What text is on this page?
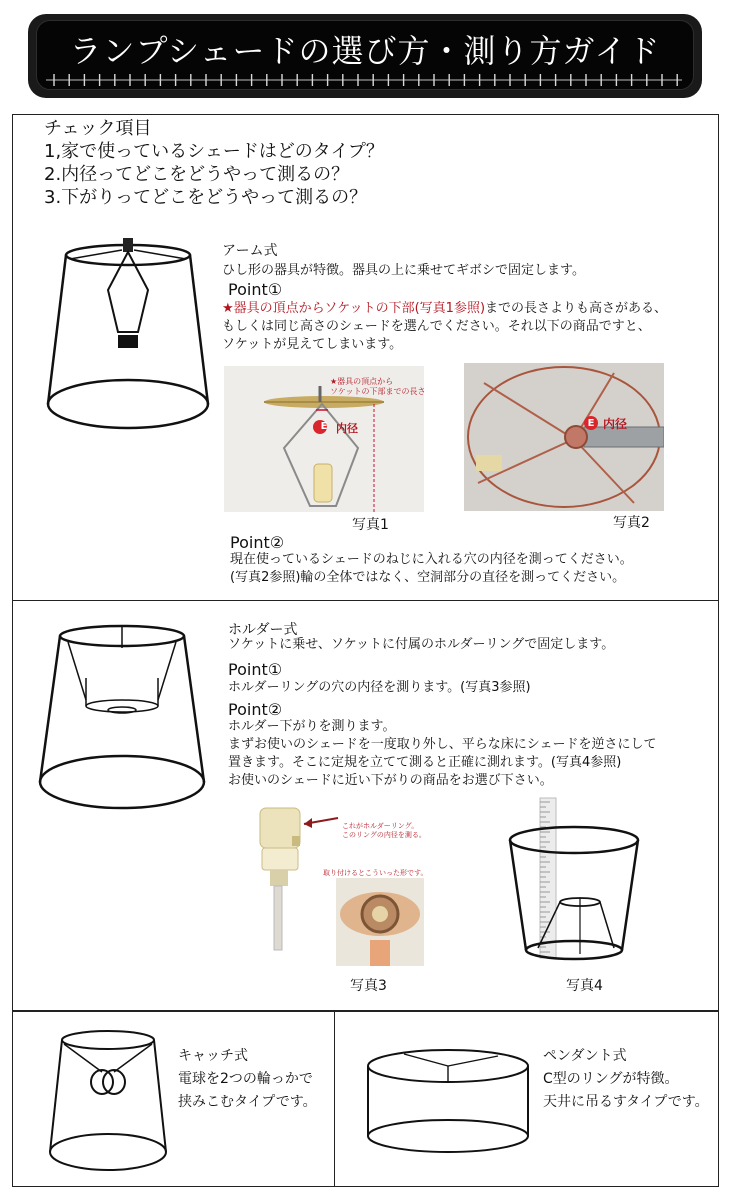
ランプシェードの選び方・測り方ガイド
チェック項目
1,家で使っているシェードはどのタイプ？
2.内径ってどこをどうやって測るの？
3.下がりってどこをどうやって測るの？
アーム式
ひし形の器具が特徴。器具の上に乗せてギボシで固定します。
Point①
★器具の頂点からソケットの下部(写真1参照)までの長さよりも高さがある、
もしくは同じ高さのシェードを選んでください。それ以下の商品ですと、
ソケットが見えてしまいます。
★器具の頂点から
ソケットの下部までの長さ
E 内径
写真1
E 内径
写真2
Point②
現在使っているシェードのねじに入れる穴の内径を測ってください。
(写真2参照)輪の全体ではなく、空洞部分の直径を測ってください。
ホルダー式
ソケットに乗せ、ソケットに付属のホルダーリングで固定します。
Point①
ホルダーリングの穴の内径を測ります。(写真3参照)
Point②
ホルダー下がりを測ります。
まずお使いのシェードを一度取り外し、平らな床にシェードを逆さにして
置きます。そこに定規を立てて測ると正確に測れます。(写真4参照)
お使いのシェードに近い下がりの商品をお選び下さい。
これがホルダーリング。
このリングの内径を測る。
取り付けるとこういった形です。
写真3	写真4
キャッチ式
電球を2つの輪っかで
挟みこむタイプです。
ペンダント式
C型のリングが特徴。
天井に吊るすタイプです。
